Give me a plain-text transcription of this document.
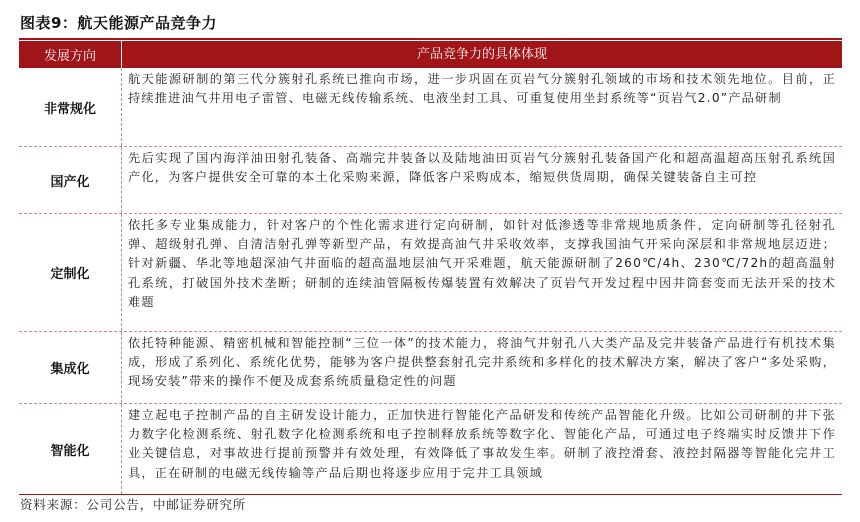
图表9：航天能源产品竞争力
发展方向	产品竞争力的具体体现
非常规化
航天能源研制的第三代分簇射孔系统已推向市场，进一步巩固在页岩气分簇射孔领域的市场和技术领先地位。目前，正持续推进油气井用电子雷管、电磁无线传输系统、电液坐封工具、可重复使用坐封系统等“页岩气2.0”产品研制
国产化
先后实现了国内海洋油田射孔装备、高端完井装备以及陆地油田页岩气分簇射孔装备国产化和超高温超高压射孔系统国产化，为客户提供安全可靠的本土化采购来源，降低客户采购成本，缩短供货周期，确保关键装备自主可控
定制化
依托多专业集成能力，针对客户的个性化需求进行定向研制，如针对低渗透等非常规地质条件，定向研制等孔径射孔弹、超级射孔弹、自清洁射孔弹等新型产品，有效提高油气井采收效率，支撑我国油气开采向深层和非常规地层迈进；针对新疆、华北等地超深油气井面临的超高温地层油气开采难题，航天能源研制了260℃/4h、230℃/72h的超高温射孔系统，打破国外技术垄断；研制的连续油管隔板传爆装置有效解决了页岩气开发过程中因井筒套变而无法开采的技术难题
集成化
依托特种能源、精密机械和智能控制“三位一体”的技术能力，将油气井射孔八大类产品及完井装备产品进行有机技术集成，形成了系列化、系统化优势，能够为客户提供整套射孔完井系统和多样化的技术解决方案，解决了客户“多处采购，现场安装”带来的操作不便及成套系统质量稳定性的问题
智能化
建立起电子控制产品的自主研发设计能力，正加快进行智能化产品研发和传统产品智能化升级。比如公司研制的井下张力数字化检测系统、射孔数字化检测系统和电子控制释放系统等数字化、智能化产品，可通过电子终端实时反馈井下作业关键信息，对事故进行提前预警并有效处理，有效降低了事故发生率。研制了液控滑套、液控封隔器等智能化完井工具，正在研制的电磁无线传输等产品后期也将逐步应用于完井工具领域
资料来源：公司公告，中邮证券研究所
